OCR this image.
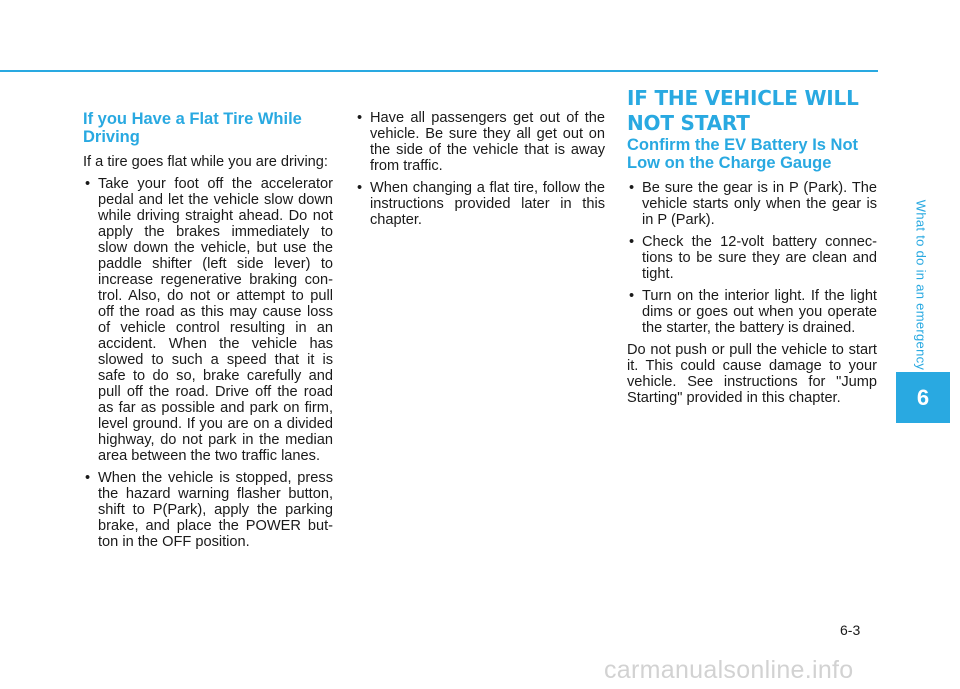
If you Have a Flat Tire While Driving

If a tire goes flat while you are driving:

• Take your foot off the accelerator pedal and let the vehicle slow down while driving straight ahead. Do not apply the brakes immediately to slow down the vehicle, but use the paddle shifter (left side lever) to increase regenerative braking con-trol. Also, do not or attempt to pull off the road as this may cause loss of vehicle control resulting in an accident. When the vehicle has slowed to such a speed that it is safe to do so, brake carefully and pull off the road. Drive off the road as far as possible and park on firm, level ground. If you are on a divided highway, do not park in the median area between the two traffic lanes.
• When the vehicle is stopped, press the hazard warning flasher button, shift to P(Park), apply the parking brake, and place the POWER but-ton in the OFF position.
• Have all passengers get out of the vehicle. Be sure they all get out on the side of the vehicle that is away from traffic.
• When changing a flat tire, follow the instructions provided later in this chapter.
IF THE VEHICLE WILL NOT START
Confirm the EV Battery Is Not Low on the Charge Gauge
• Be sure the gear is in P (Park). The vehicle starts only when the gear is in P (Park).
• Check the 12-volt battery connec-tions to be sure they are clean and tight.
• Turn on the interior light. If the light dims or goes out when you operate the starter, the battery is drained.

Do not push or pull the vehicle to start it. This could cause damage to your vehicle. See instructions for "Jump Starting" provided in this chapter.

What to do in an emergency
6
6-3
carmanualsonline.info
